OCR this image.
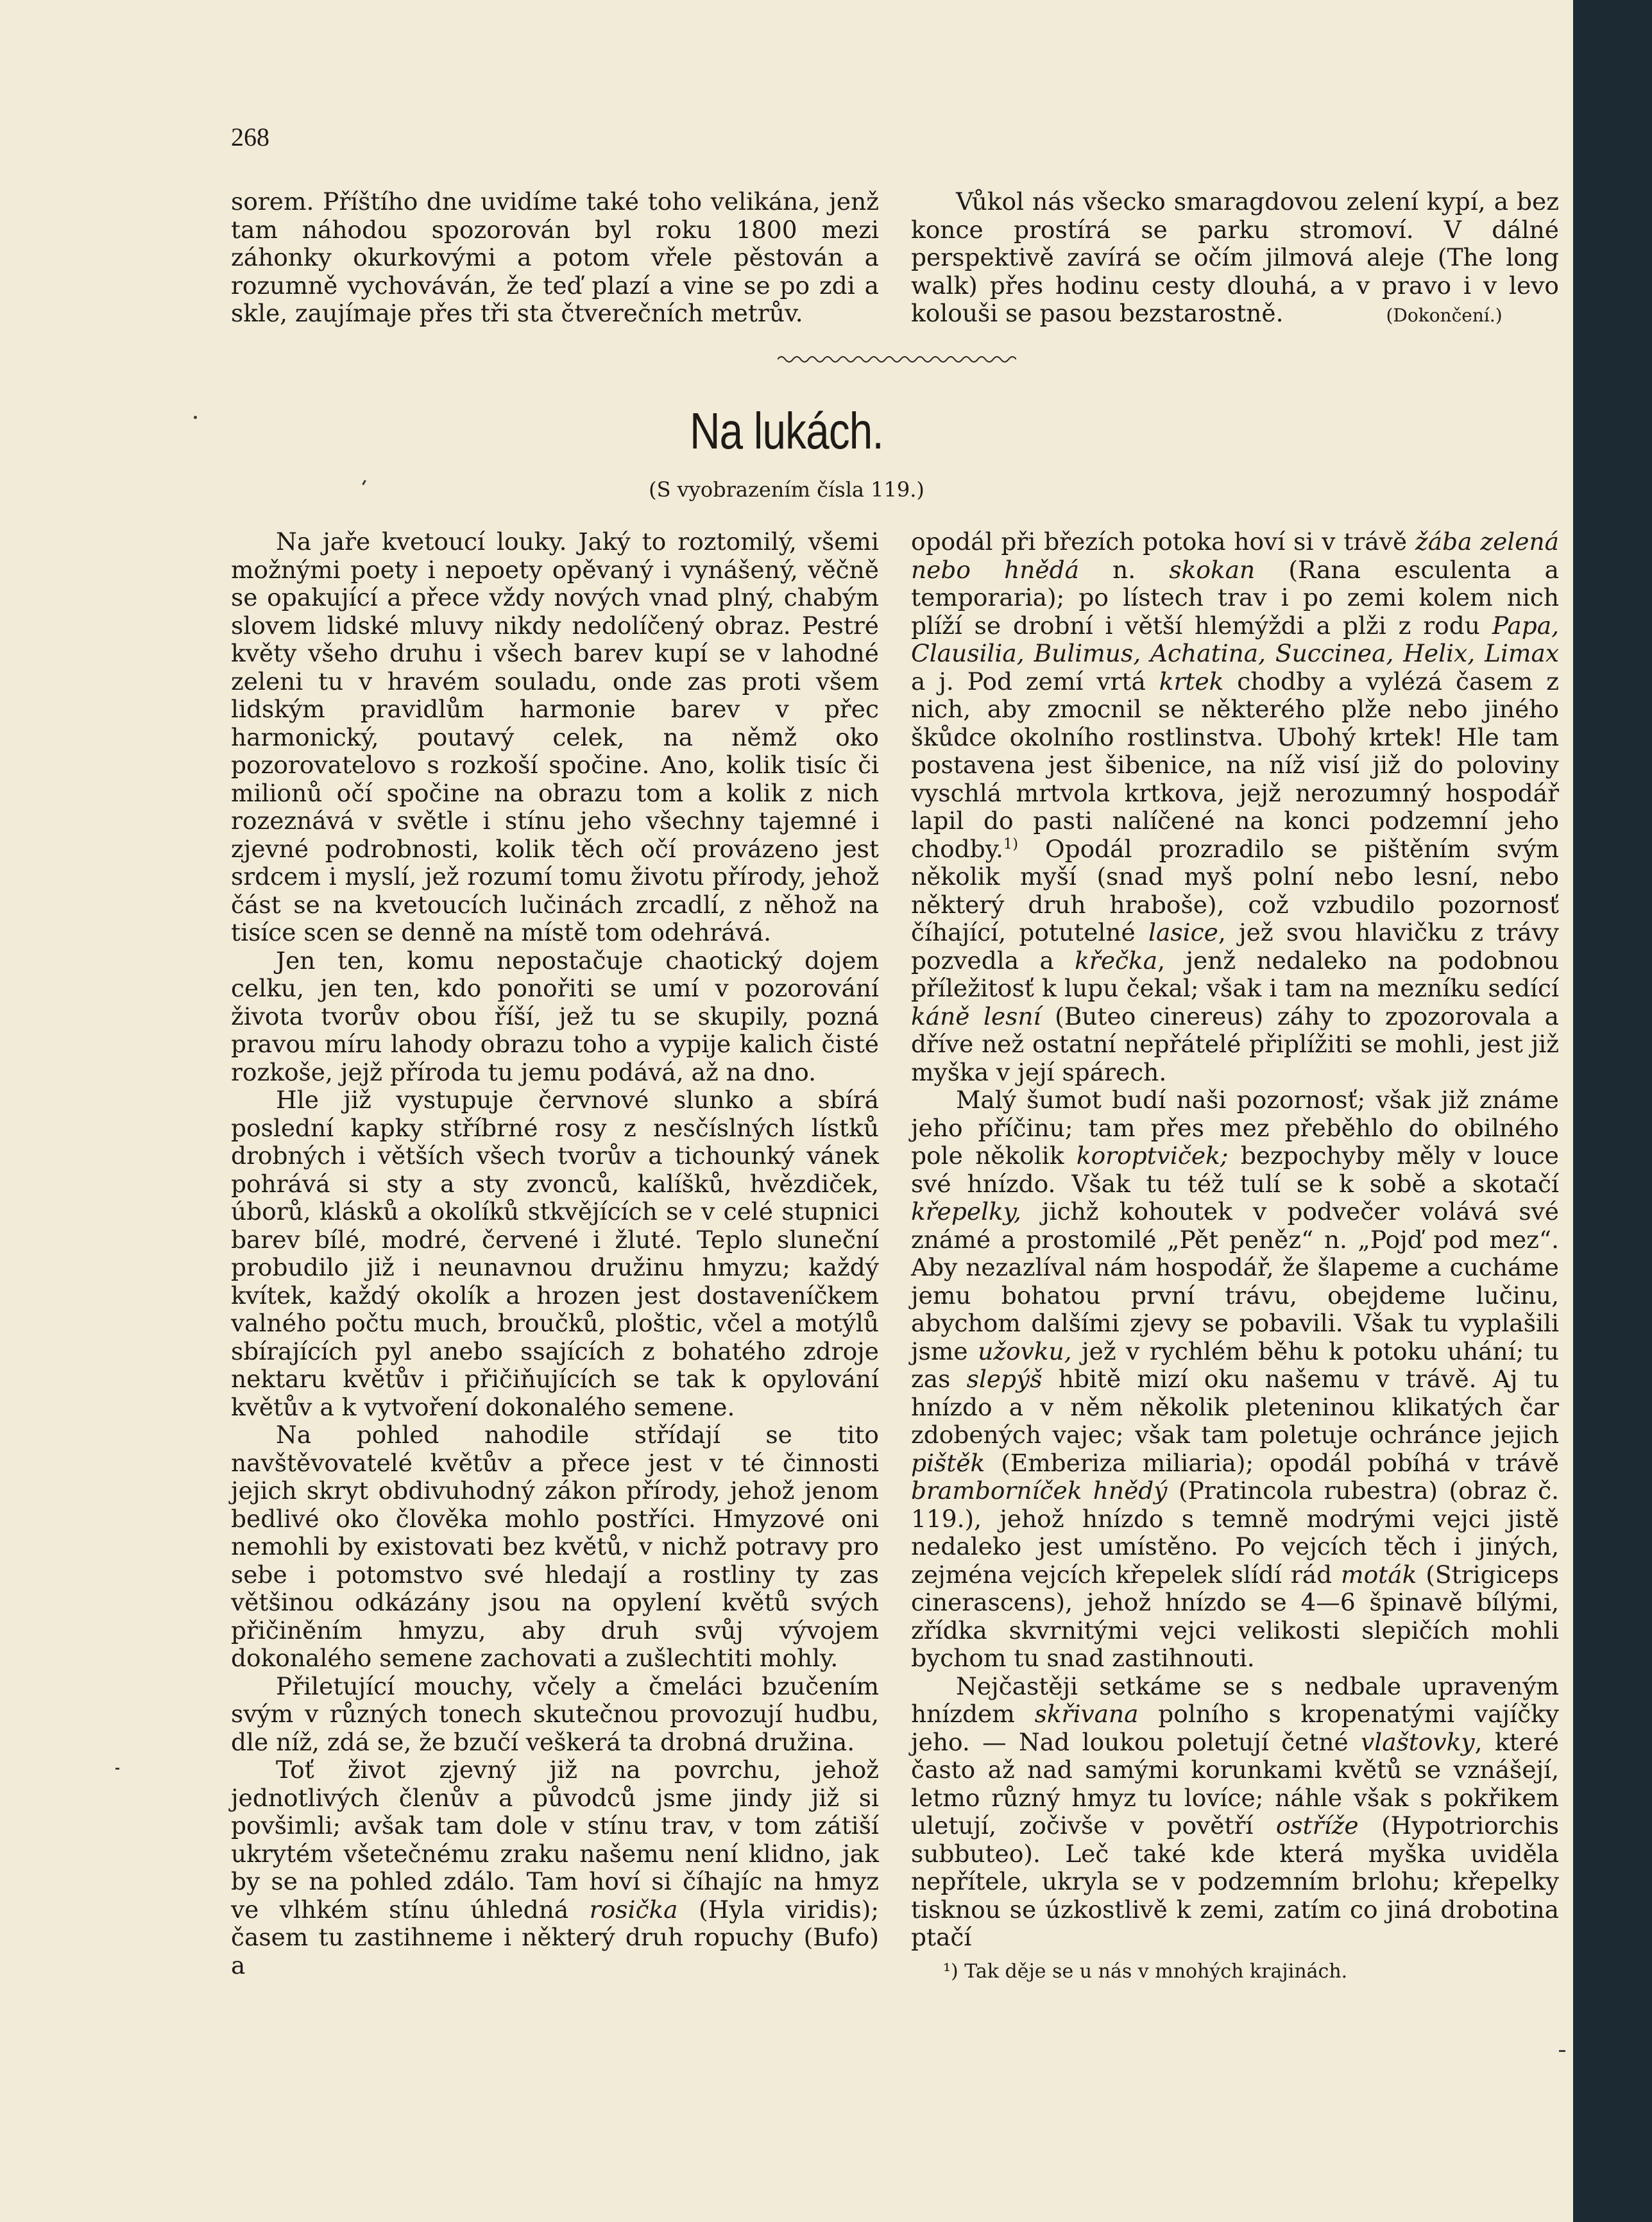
268

sorem. Příštího dne uvidíme také toho velikána, jenž tam náhodou spozorován byl roku 1800 mezi záhonky okurkovými a potom vřele pěstován a rozumně vychováván, že teď plazí a vine se po zdi a skle, zaujímaje přes tři sta čtverečních metrův.

Vůkol nás všecko smaragdovou zelení kypí, a bez konce prostírá se parku stromoví. V dálné perspektivě zavírá se očím jilmová aleje (The long walk) přes hodinu cesty dlouhá, a v pravo i v levo kolouši se pasou bezstarostně.	(Dokončení.)

Na lukách.
(S vyobrazením čísla 119.)

Na jaře kvetoucí louky. Jaký to roztomilý, všemi možnými poety i nepoety opěvaný i vynášený, věčně se opakující a přece vždy nových vnad plný, chabým slovem lidské mluvy nikdy nedolíčený obraz. Pestré květy všeho druhu i všech barev kupí se v lahodné zeleni tu v hravém souladu, onde zas proti všem lidským pravidlům harmonie barev v přec harmonický, poutavý celek, na němž oko pozorovatelovo s rozkoší spočine. Ano, kolik tisíc či milionů očí spočine na obrazu tom a kolik z nich rozeznává v světle i stínu jeho všechny tajemné i zjevné podrobnosti, kolik těch očí provázeno jest srdcem i myslí, jež rozumí tomu životu přírody, jehož část se na kvetoucích lučinách zrcadlí, z něhož na tisíce scen se denně na místě tom odehrává.

Jen ten, komu nepostačuje chaotický dojem celku, jen ten, kdo ponořiti se umí v pozorování života tvorův obou říší, jež tu se skupily, pozná pravou míru lahody obrazu toho a vypije kalich čisté rozkoše, jejž příroda tu jemu podává, až na dno.

Hle již vystupuje červnové slunko a sbírá poslední kapky stříbrné rosy z nesčíslných lístků drobných i větších všech tvorův a tichounký vánek pohrává si sty a sty zvonců, kalíšků, hvězdiček, úborů, klásků a okolíků stkvějících se v celé stupnici barev bílé, modré, červené i žluté. Teplo sluneční probudilo již i neunavnou družinu hmyzu; každý kvítek, každý okolík a hrozen jest dostaveníčkem valného počtu much, broučků, ploštic, včel a motýlů sbírajících pyl anebo ssajících z bohatého zdroje nektaru květův i přičiňujících se tak k opylování květův a k vytvoření dokonalého semene.

Na pohled nahodile střídají se tito navštěvovatelé květův a přece jest v té činnosti jejich skryt obdivuhodný zákon přírody, jehož jenom bedlivé oko člověka mohlo postříci. Hmyzové oni nemohli by existovati bez květů, v nichž potravy pro sebe i potomstvo své hledají a rostliny ty zas většinou odkázány jsou na opylení květů svých přičiněním hmyzu, aby druh svůj vývojem dokonalého semene zachovati a zušlechtiti mohly.

Přiletující mouchy, včely a čmeláci bzučením svým v různých tonech skutečnou provozují hudbu, dle níž, zdá se, že bzučí veškerá ta drobná družina.

Toť život zjevný již na povrchu, jehož jednotlivých členův a původců jsme jindy již si povšimli; avšak tam dole v stínu trav, v tom zátiší ukrytém všetečnému zraku našemu není klidno, jak by se na pohled zdálo. Tam hoví si číhajíc na hmyz ve vlhkém stínu úhledná rosička (Hyla viridis); časem tu zastihneme i některý druh ropuchy (Bufo) a

opodál při březích potoka hoví si v trávě žába zelená nebo hnědá n. skokan (Rana esculenta a temporaria); po lístech trav i po zemi kolem nich plíží se drobní i větší hlemýždi a plži z rodu Papa, Clausilia, Bulimus, Achatina, Succinea, Helix, Limax a j. Pod zemí vrtá krtek chodby a vylézá časem z nich, aby zmocnil se některého plže nebo jiného škůdce okolního rostlinstva. Ubohý krtek! Hle tam postavena jest šibenice, na níž visí již do poloviny vyschlá mrtvola krtkova, jejž nerozumný hospodář lapil do pasti nalíčené na konci podzemní jeho chodby.$^{1)}$ Opodál prozradilo se pištěním svým několik myší (snad myš polní nebo lesní, nebo některý druh hraboše), což vzbudilo pozornosť číhající, potutelné lasice, jež svou hlavičku z trávy pozvedla a křečka, jenž nedaleko na podobnou příležitosť k lupu čekal; však i tam na mezníku sedící káně lesní (Buteo cinereus) záhy to zpozorovala a dříve než ostatní nepřátelé připlížiti se mohli, jest již myška v její spárech.

Malý šumot budí naši pozornosť; však již známe jeho příčinu; tam přes mez přeběhlo do obilného pole několik koroptviček; bezpochyby měly v louce své hnízdo. Však tu též tulí se k sobě a skotačí křepelky, jichž kohoutek v podvečer volává své známé a prostomilé „Pět peněz“ n. „Pojď pod mez“. Aby nezazlíval nám hospodář, že šlapeme a cucháme jemu bohatou první trávu, obejdeme lučinu, abychom dalšími zjevy se pobavili. Však tu vyplašili jsme užovku, jež v rychlém běhu k potoku uhání; tu zas slepýš hbitě mizí oku našemu v trávě. Aj tu hnízdo a v něm několik pleteninou klikatých čar zdobených vajec; však tam poletuje ochránce jejich pištěk (Emberiza miliaria); opodál pobíhá v trávě bramborníček hnědý (Pratincola rubestra) (obraz č. 119.), jehož hnízdo s temně modrými vejci jistě nedaleko jest umístěno. Po vejcích těch i jiných, zejména vejcích křepelek slídí rád moták (Strigiceps cinerascens), jehož hnízdo se 4—6 špinavě bílými, zřídka skvrnitými vejci velikosti slepičích mohli bychom tu snad zastihnouti.

Nejčastěji setkáme se s nedbale upraveným hnízdem skřivana polního s kropenatými vajíčky jeho. — Nad loukou poletují četné vlaštovky, které často až nad samými korunkami květů se vznášejí, letmo různý hmyz tu lovíce; náhle však s pokřikem uletují, zočivše v povětří ostříže (Hypotriorchis subbuteo). Leč také kde která myška uviděla nepřítele, ukryla se v podzemním brlohu; křepelky tisknou se úzkostlivě k zemi, zatím co jiná drobotina ptačí

¹) Tak děje se u nás v mnohých krajinách.
